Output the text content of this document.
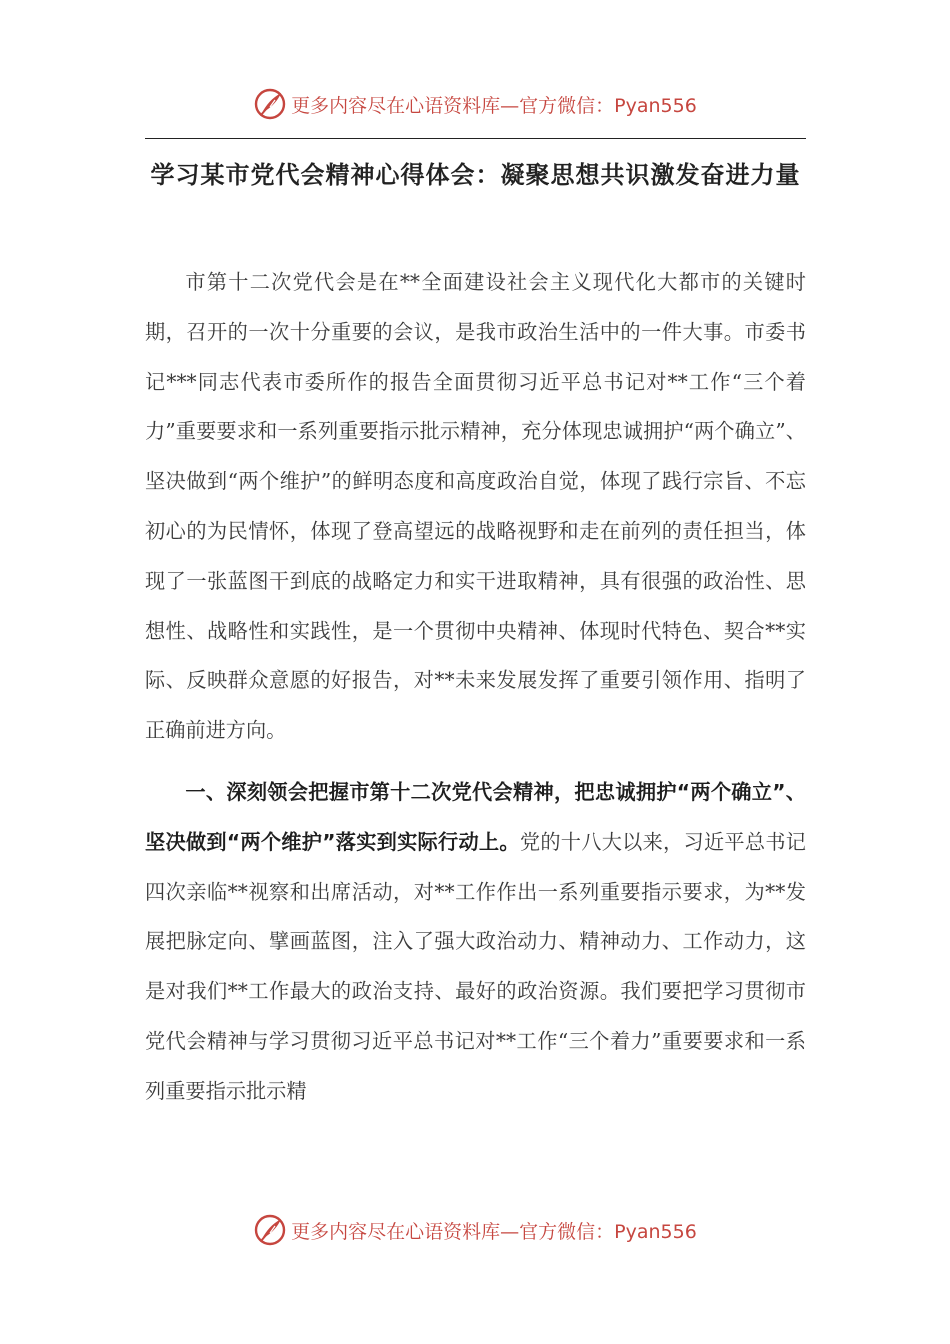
更多内容尽在心语资料库—官方微信：Pyan556
学习某市党代会精神心得体会：凝聚思想共识激发奋进力量

市第十二次党代会是在**全面建设社会主义现代化大都市的关键时期，召开的一次十分重要的会议，是我市政治生活中的一件大事。市委书记***同志代表市委所作的报告全面贯彻习近平总书记对**工作“三个着力”重要要求和一系列重要指示批示精神，充分体现忠诚拥护“两个确立”、坚决做到“两个维护”的鲜明态度和高度政治自觉，体现了践行宗旨、不忘初心的为民情怀，体现了登高望远的战略视野和走在前列的责任担当，体现了一张蓝图干到底的战略定力和实干进取精神，具有很强的政治性、思想性、战略性和实践性，是一个贯彻中央精神、体现时代特色、契合**实际、反映群众意愿的好报告，对**未来发展发挥了重要引领作用、指明了正确前进方向。

一、深刻领会把握市第十二次党代会精神，把忠诚拥护“两个确立”、坚决做到“两个维护”落实到实际行动上。党的十八大以来，习近平总书记四次亲临**视察和出席活动，对**工作作出一系列重要指示要求，为**发展把脉定向、擘画蓝图，注入了强大政治动力、精神动力、工作动力，这是对我们**工作最大的政治支持、最好的政治资源。我们要把学习贯彻市党代会精神与学习贯彻习近平总书记对**工作“三个着力”重要要求和一系列重要指示批示精

更多内容尽在心语资料库—官方微信：Pyan556
